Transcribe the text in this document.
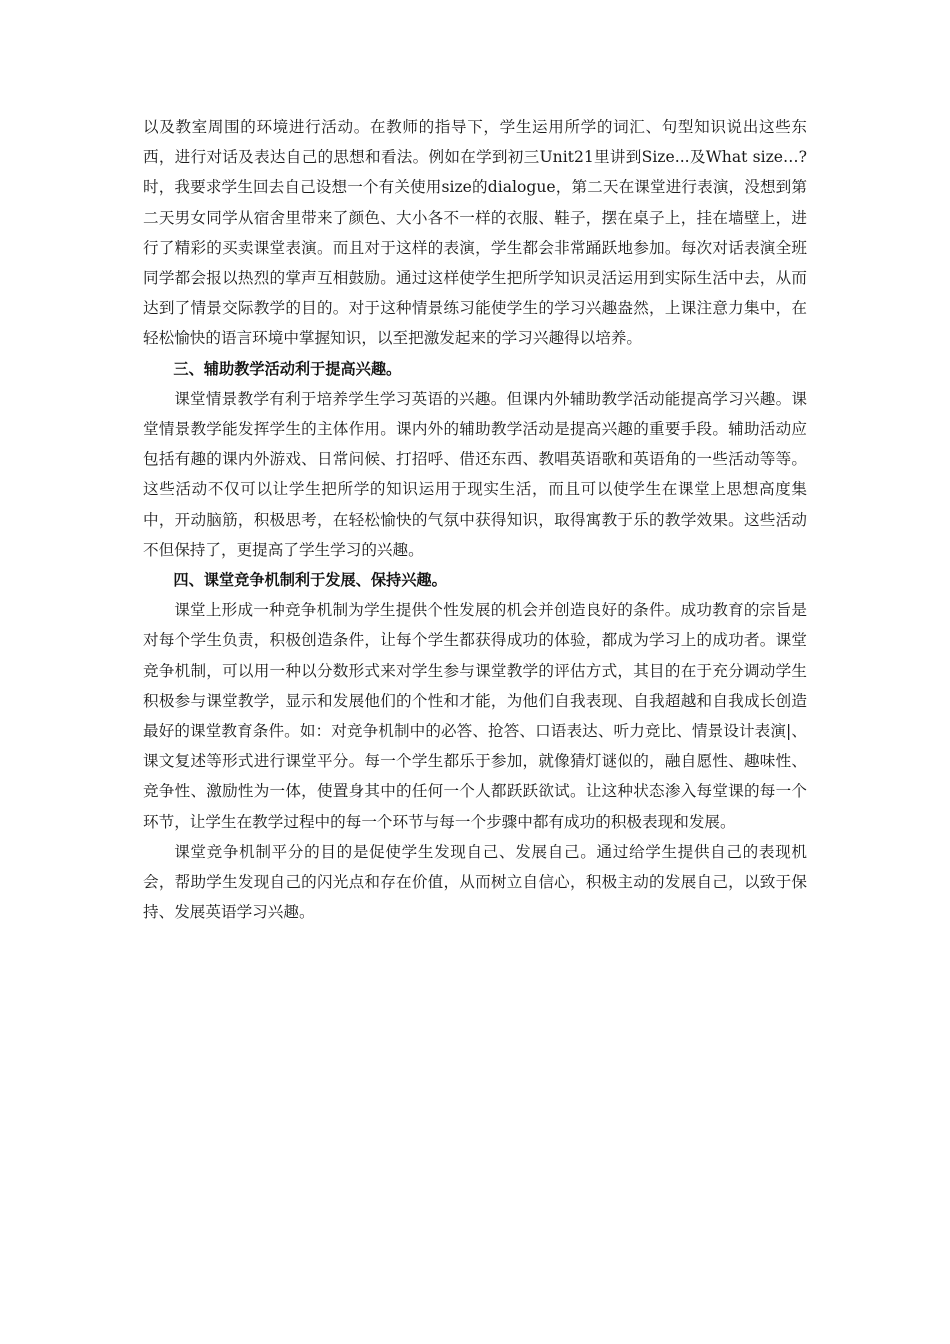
以及教室周围的环境进行活动。在教师的指导下，学生运用所学的词汇、句型知识说出这些东西，进行对话及表达自己的思想和看法。例如在学到初三Unit21里讲到Size...及What size…?时，我要求学生回去自己设想一个有关使用size的dialogue，第二天在课堂进行表演，没想到第二天男女同学从宿舍里带来了颜色、大小各不一样的衣服、鞋子，摆在桌子上，挂在墙壁上，进行了精彩的买卖课堂表演。而且对于这样的表演，学生都会非常踊跃地参加。每次对话表演全班同学都会报以热烈的掌声互相鼓励。通过这样使学生把所学知识灵活运用到实际生活中去，从而达到了情景交际教学的目的。对于这种情景练习能使学生的学习兴趣盎然，上课注意力集中，在轻松愉快的语言环境中掌握知识，以至把激发起来的学习兴趣得以培养。

三、辅助教学活动利于提高兴趣。

课堂情景教学有利于培养学生学习英语的兴趣。但课内外辅助教学活动能提高学习兴趣。课堂情景教学能发挥学生的主体作用。课内外的辅助教学活动是提高兴趣的重要手段。辅助活动应包括有趣的课内外游戏、日常问候、打招呼、借还东西、教唱英语歌和英语角的一些活动等等。这些活动不仅可以让学生把所学的知识运用于现实生活，而且可以使学生在课堂上思想高度集中，开动脑筋，积极思考，在轻松愉快的气氛中获得知识，取得寓教于乐的教学效果。这些活动不但保持了，更提高了学生学习的兴趣。

四、课堂竞争机制利于发展、保持兴趣。

课堂上形成一种竞争机制为学生提供个性发展的机会并创造良好的条件。成功教育的宗旨是对每个学生负责，积极创造条件，让每个学生都获得成功的体验，都成为学习上的成功者。课堂竞争机制，可以用一种以分数形式来对学生参与课堂教学的评估方式，其目的在于充分调动学生积极参与课堂教学，显示和发展他们的个性和才能，为他们自我表现、自我超越和自我成长创造最好的课堂教育条件。如：对竞争机制中的必答、抢答、口语表达、听力竞比、情景设计表演|、课文复述等形式进行课堂平分。每一个学生都乐于参加，就像猜灯谜似的，融自愿性、趣味性、竞争性、激励性为一体，使置身其中的任何一个人都跃跃欲试。让这种状态渗入每堂课的每一个环节，让学生在教学过程中的每一个环节与每一个步骤中都有成功的积极表现和发展。

课堂竞争机制平分的目的是促使学生发现自己、发展自己。通过给学生提供自己的表现机会，帮助学生发现自己的闪光点和存在价值，从而树立自信心，积极主动的发展自己，以致于保持、发展英语学习兴趣。
